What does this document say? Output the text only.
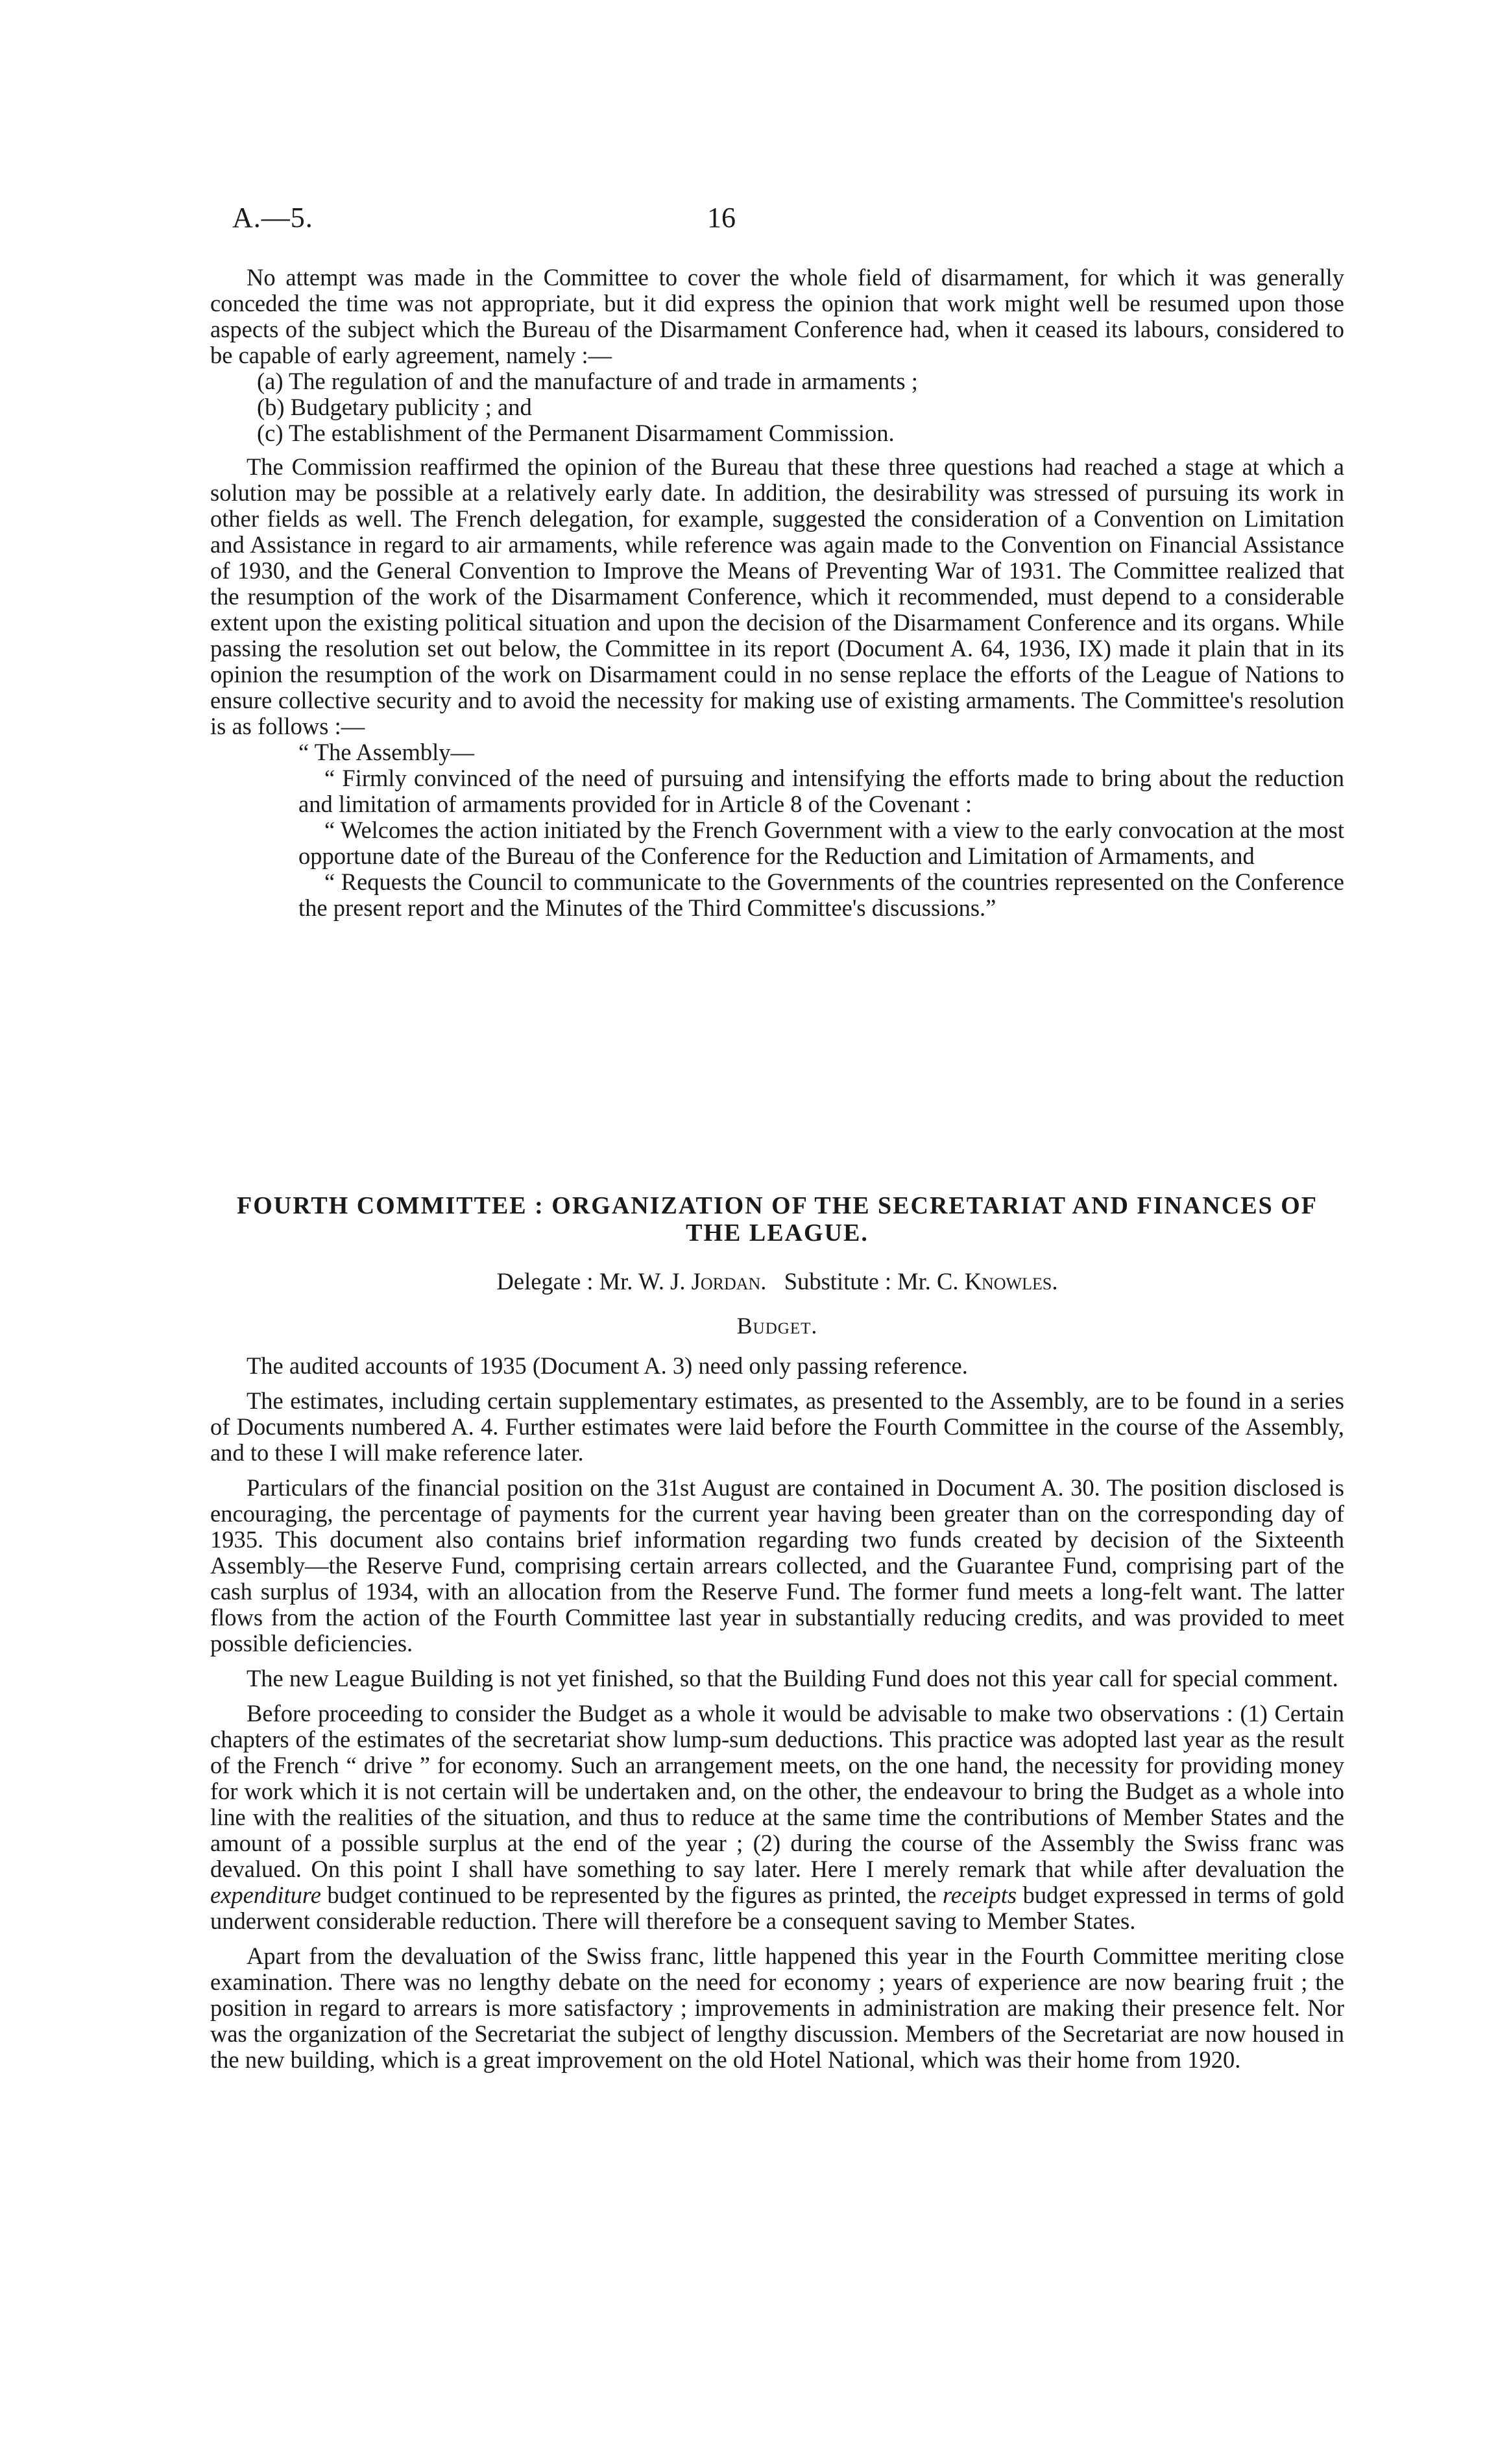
A.—5.	16

No attempt was made in the Committee to cover the whole field of disarmament, for which it was generally conceded the time was not appropriate, but it did express the opinion that work might well be resumed upon those aspects of the subject which the Bureau of the Disarmament Conference had, when it ceased its labours, considered to be capable of early agreement, namely :—

(a) The regulation of and the manufacture of and trade in armaments ;
(b) Budgetary publicity ; and
(c) The establishment of the Permanent Disarmament Commission.

The Commission reaffirmed the opinion of the Bureau that these three questions had reached a stage at which a solution may be possible at a relatively early date. In addition, the desirability was stressed of pursuing its work in other fields as well. The French delegation, for example, suggested the consideration of a Convention on Limitation and Assistance in regard to air armaments, while reference was again made to the Convention on Financial Assistance of 1930, and the General Convention to Improve the Means of Preventing War of 1931. The Committee realized that the resumption of the work of the Disarmament Conference, which it recommended, must depend to a considerable extent upon the existing political situation and upon the decision of the Disarmament Conference and its organs. While passing the resolution set out below, the Committee in its report (Document A. 64, 1936, IX) made it plain that in its opinion the resumption of the work on Disarmament could in no sense replace the efforts of the League of Nations to ensure collective security and to avoid the necessity for making use of existing armaments. The Committee's resolution is as follows :—

“ The Assembly—

“ Firmly convinced of the need of pursuing and intensifying the efforts made to bring about the reduction and limitation of armaments provided for in Article 8 of the Covenant :

“ Welcomes the action initiated by the French Government with a view to the early convocation at the most opportune date of the Bureau of the Conference for the Reduction and Limitation of Armaments, and

“ Requests the Council to communicate to the Governments of the countries represented on the Conference the present report and the Minutes of the Third Committee's discussions.”

FOURTH COMMITTEE : ORGANIZATION OF THE SECRETARIAT AND FINANCES OF THE LEAGUE.
Delegate : Mr. W. J. Jordan. Substitute : Mr. C. Knowles.
Budget.

The audited accounts of 1935 (Document A. 3) need only passing reference.

The estimates, including certain supplementary estimates, as presented to the Assembly, are to be found in a series of Documents numbered A. 4. Further estimates were laid before the Fourth Committee in the course of the Assembly, and to these I will make reference later.

Particulars of the financial position on the 31st August are contained in Document A. 30. The position disclosed is encouraging, the percentage of payments for the current year having been greater than on the corresponding day of 1935. This document also contains brief information regarding two funds created by decision of the Sixteenth Assembly—the Reserve Fund, comprising certain arrears collected, and the Guarantee Fund, comprising part of the cash surplus of 1934, with an allocation from the Reserve Fund. The former fund meets a long-felt want. The latter flows from the action of the Fourth Committee last year in substantially reducing credits, and was provided to meet possible deficiencies.

The new League Building is not yet finished, so that the Building Fund does not this year call for special comment.

Before proceeding to consider the Budget as a whole it would be advisable to make two observations : (1) Certain chapters of the estimates of the secretariat show lump-sum deductions. This practice was adopted last year as the result of the French “ drive ” for economy. Such an arrangement meets, on the one hand, the necessity for providing money for work which it is not certain will be undertaken and, on the other, the endeavour to bring the Budget as a whole into line with the realities of the situation, and thus to reduce at the same time the contributions of Member States and the amount of a possible surplus at the end of the year ; (2) during the course of the Assembly the Swiss franc was devalued. On this point I shall have something to say later. Here I merely remark that while after devaluation the expenditure budget continued to be represented by the figures as printed, the receipts budget expressed in terms of gold underwent considerable reduction. There will therefore be a consequent saving to Member States.

Apart from the devaluation of the Swiss franc, little happened this year in the Fourth Committee meriting close examination. There was no lengthy debate on the need for economy ; years of experience are now bearing fruit ; the position in regard to arrears is more satisfactory ; improvements in administration are making their presence felt. Nor was the organization of the Secretariat the subject of lengthy discussion. Members of the Secretariat are now housed in the new building, which is a great improvement on the old Hotel National, which was their home from 1920.
